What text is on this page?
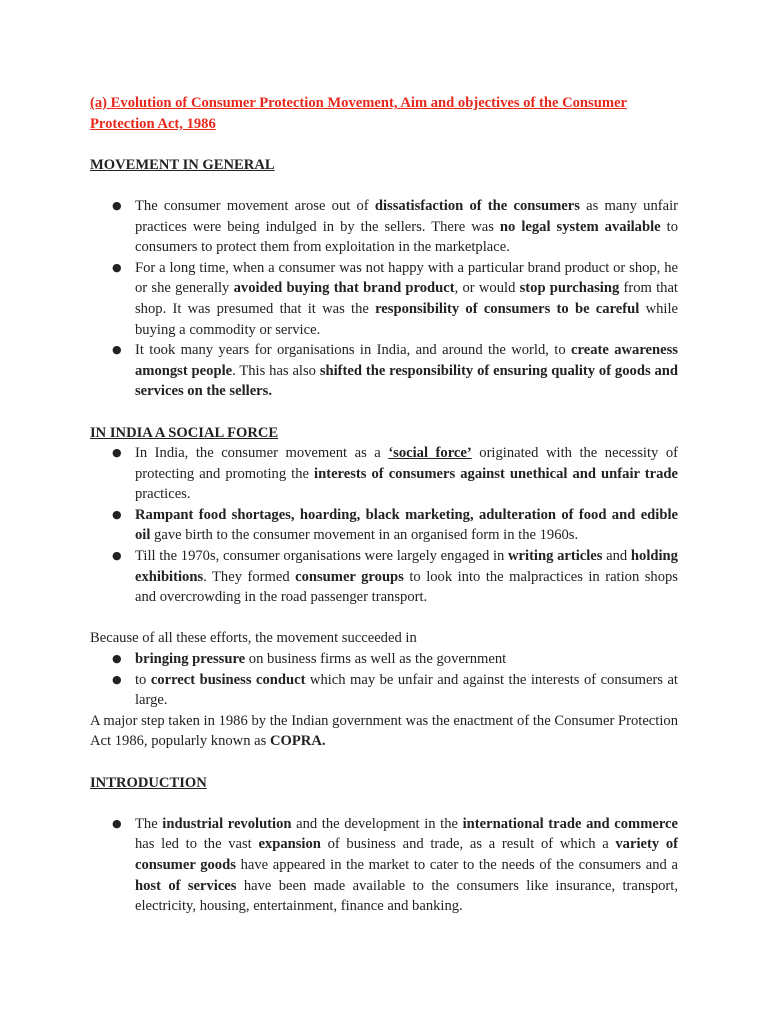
(a) Evolution of Consumer Protection Movement, Aim and objectives of the Consumer
Protection Act, 1986
MOVEMENT IN GENERAL
● The consumer movement arose out of dissatisfaction of the consumers as many unfair practices were being indulged in by the sellers. There was no legal system available to consumers to protect them from exploitation in the marketplace.
● For a long time, when a consumer was not happy with a particular brand product or shop, he or she generally avoided buying that brand product, or would stop purchasing from that shop. It was presumed that it was the responsibility of consumers to be careful while buying a commodity or service.
● It took many years for organisations in India, and around the world, to create awareness amongst people. This has also shifted the responsibility of ensuring quality of goods and services on the sellers.
IN INDIA A SOCIAL FORCE
● In India, the consumer movement as a ‘social force’ originated with the necessity of protecting and promoting the interests of consumers against unethical and unfair trade practices.
● Rampant food shortages, hoarding, black marketing, adulteration of food and edible oil gave birth to the consumer movement in an organised form in the 1960s.
● Till the 1970s, consumer organisations were largely engaged in writing articles and holding exhibitions. They formed consumer groups to look into the malpractices in ration shops and overcrowding in the road passenger transport.

Because of all these efforts, the movement succeeded in

● bringing pressure on business firms as well as the government
● to correct business conduct which may be unfair and against the interests of consumers at large.

A major step taken in 1986 by the Indian government was the enactment of the Consumer Protection Act 1986, popularly known as COPRA.

INTRODUCTION
● The industrial revolution and the development in the international trade and commerce has led to the vast expansion of business and trade, as a result of which a variety of consumer goods have appeared in the market to cater to the needs of the consumers and a host of services have been made available to the consumers like insurance, transport, electricity, housing, entertainment, finance and banking.
